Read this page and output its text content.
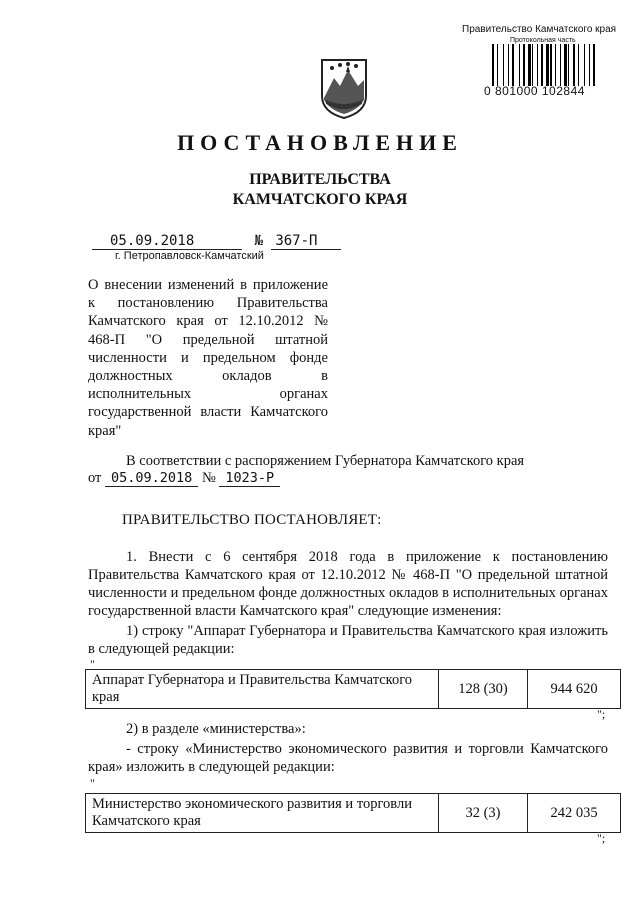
Правительство Камчатского края
Протокольная часть
0 801000 102844
ПОСТАНОВЛЕНИЕ
ПРАВИТЕЛЬСТВА
КАМЧАТСКОГО КРАЯ
05.09.2018	№ 367-П
г. Петропавловск-Камчатский
О внесении изменений в приложение к постановлению Правительства Камчатского края от 12.10.2012 № 468-П "О предельной штатной численности и предельном фонде должностных окладов в исполнительных органах государственной власти Камчатского края"
В соответствии с распоряжением Губернатора Камчатского края
от 05.09.2018 № 1023-Р
ПРАВИТЕЛЬСТВО ПОСТАНОВЛЯЕТ:
1. Внести с 6 сентября 2018 года в приложение к постановлению Правительства Камчатского края от 12.10.2012 № 468-П "О предельной штатной численности и предельном фонде должностных окладов в исполнительных органах государственной власти Камчатского края" следующие изменения:
1) строку "Аппарат Губернатора и Правительства Камчатского края изложить в следующей редакции:
"
Аппарат Губернатора и Правительства Камчатского края	128 (30)	944 620
";
2) в разделе «министерства»:
- строку «Министерство экономического развития и торговли Камчатского края» изложить в следующей редакции:
"
Министерство экономического развития и торговли Камчатского края	32 (3)	242 035
";
